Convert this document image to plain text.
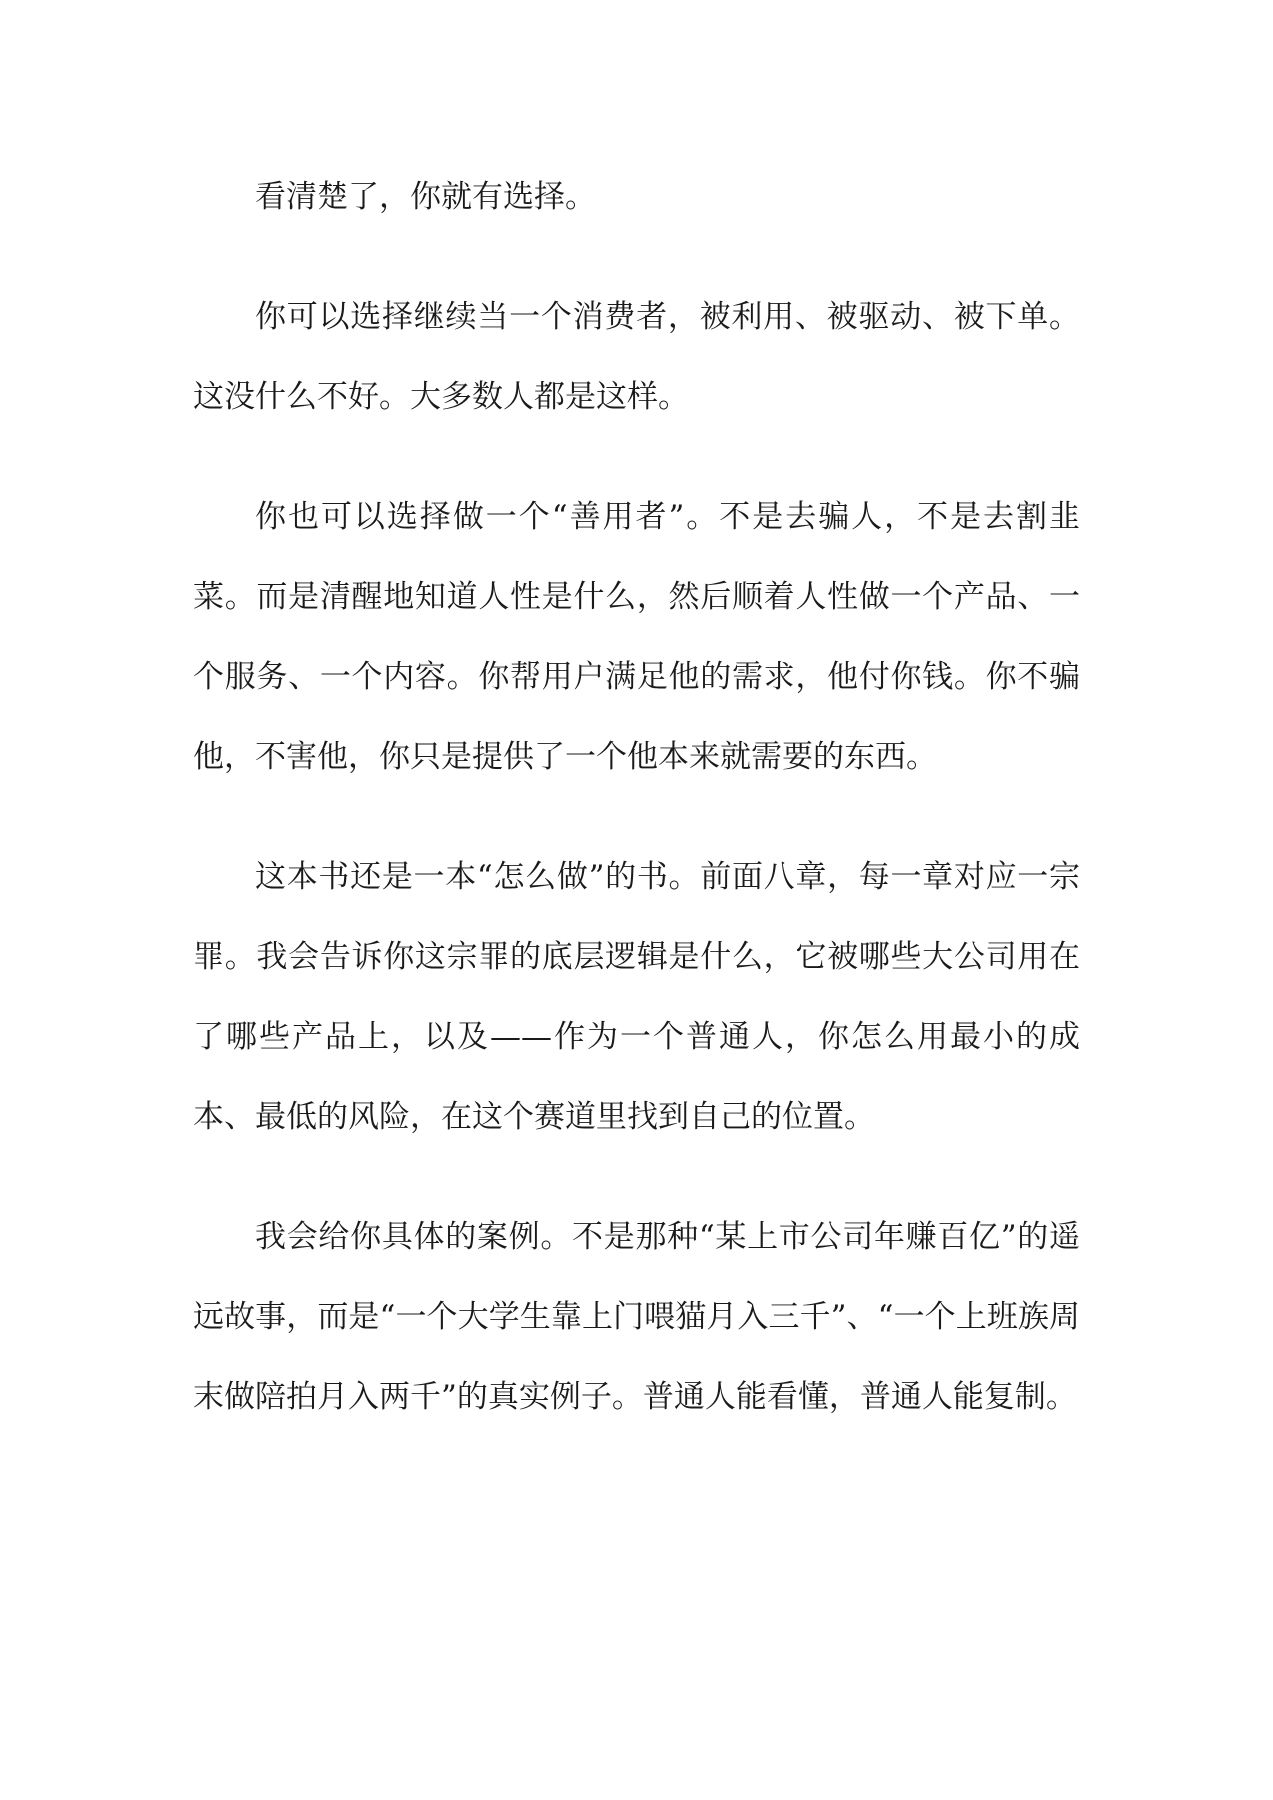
看清楚了，你就有选择。

你可以选择继续当一个消费者，被利用、被驱动、被下单。这没什么不好。大多数人都是这样。

你也可以选择做一个“善用者”。不是去骗人，不是去割韭菜。而是清醒地知道人性是什么，然后顺着人性做一个产品、一个服务、一个内容。你帮用户满足他的需求，他付你钱。你不骗他，不害他，你只是提供了一个他本来就需要的东西。

这本书还是一本“怎么做”的书。前面八章，每一章对应一宗罪。我会告诉你这宗罪的底层逻辑是什么，它被哪些大公司用在了哪些产品上，以及——作为一个普通人，你怎么用最小的成本、最低的风险，在这个赛道里找到自己的位置。

我会给你具体的案例。不是那种“某上市公司年赚百亿”的遥远故事，而是“一个大学生靠上门喂猫月入三千”、“一个上班族周末做陪拍月入两千”的真实例子。普通人能看懂，普通人能复制。
